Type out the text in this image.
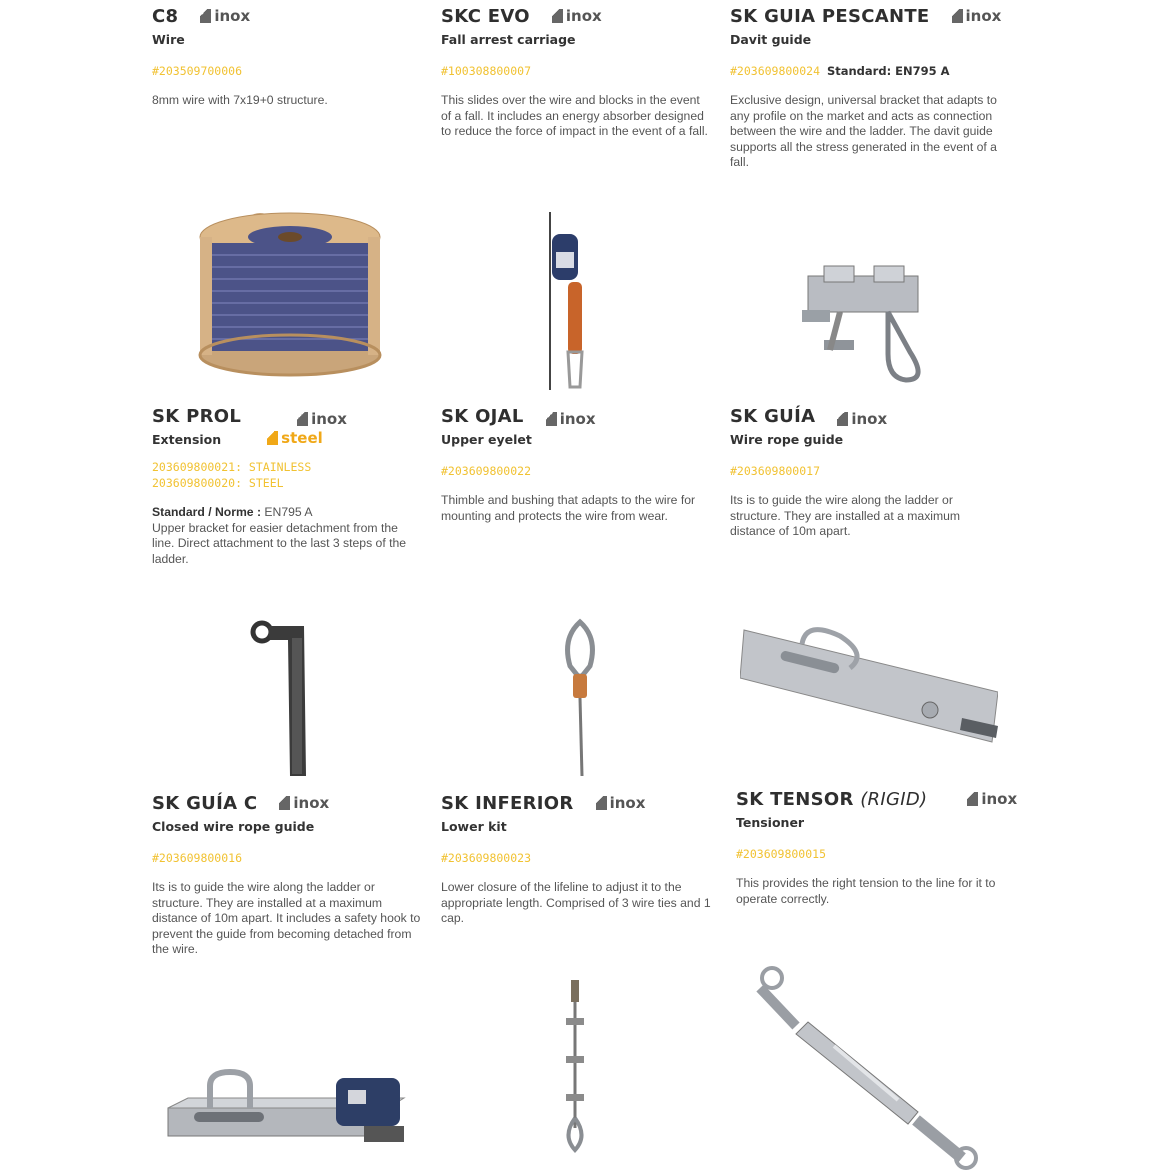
C8 inox
Wire
#203509700006
8mm wire with 7x19+0 structure.
SKC EVO inox
Fall arrest carriage
#100308800007
This slides over the wire and blocks in the event of a fall. It includes an energy absorber designed to reduce the force of impact in the event of a fall.
SK GUIA PESCANTE inox
Davit guide
#203609800024 Standard: EN795 A
Exclusive design, universal bracket that adapts to any profile on the market and acts as connection between the wire and the ladder. The davit guide supports all the stress generated in the event of a fall.
SK PROL	inox
Extension	steel
203609800021: STAINLESS
203609800020: STEEL
Standard / Norme : EN795 A
Upper bracket for easier detachment from the line. Direct attachment to the last 3 steps of the ladder.
SK OJAL inox
Upper eyelet
#203609800022
Thimble and bushing that adapts to the wire for mounting and protects the wire from wear.
SK GUÍA inox
Wire rope guide
#203609800017
Its is to guide the wire along the ladder or structure. They are installed at a maximum distance of 10m apart.
SK GUÍA C inox
Closed wire rope guide
#203609800016
Its is to guide the wire along the ladder or structure. They are installed at a maximum distance of 10m apart. It includes a safety hook to prevent the guide from becoming detached from the wire.
SK INFERIOR inox
Lower kit
#203609800023
Lower closure of the lifeline to adjust it to the appropriate length. Comprised of 3 wire ties and 1 cap.
SK TENSOR (RIGID)	inox
Tensioner
#203609800015
This provides the right tension to the line for it to operate correctly.
